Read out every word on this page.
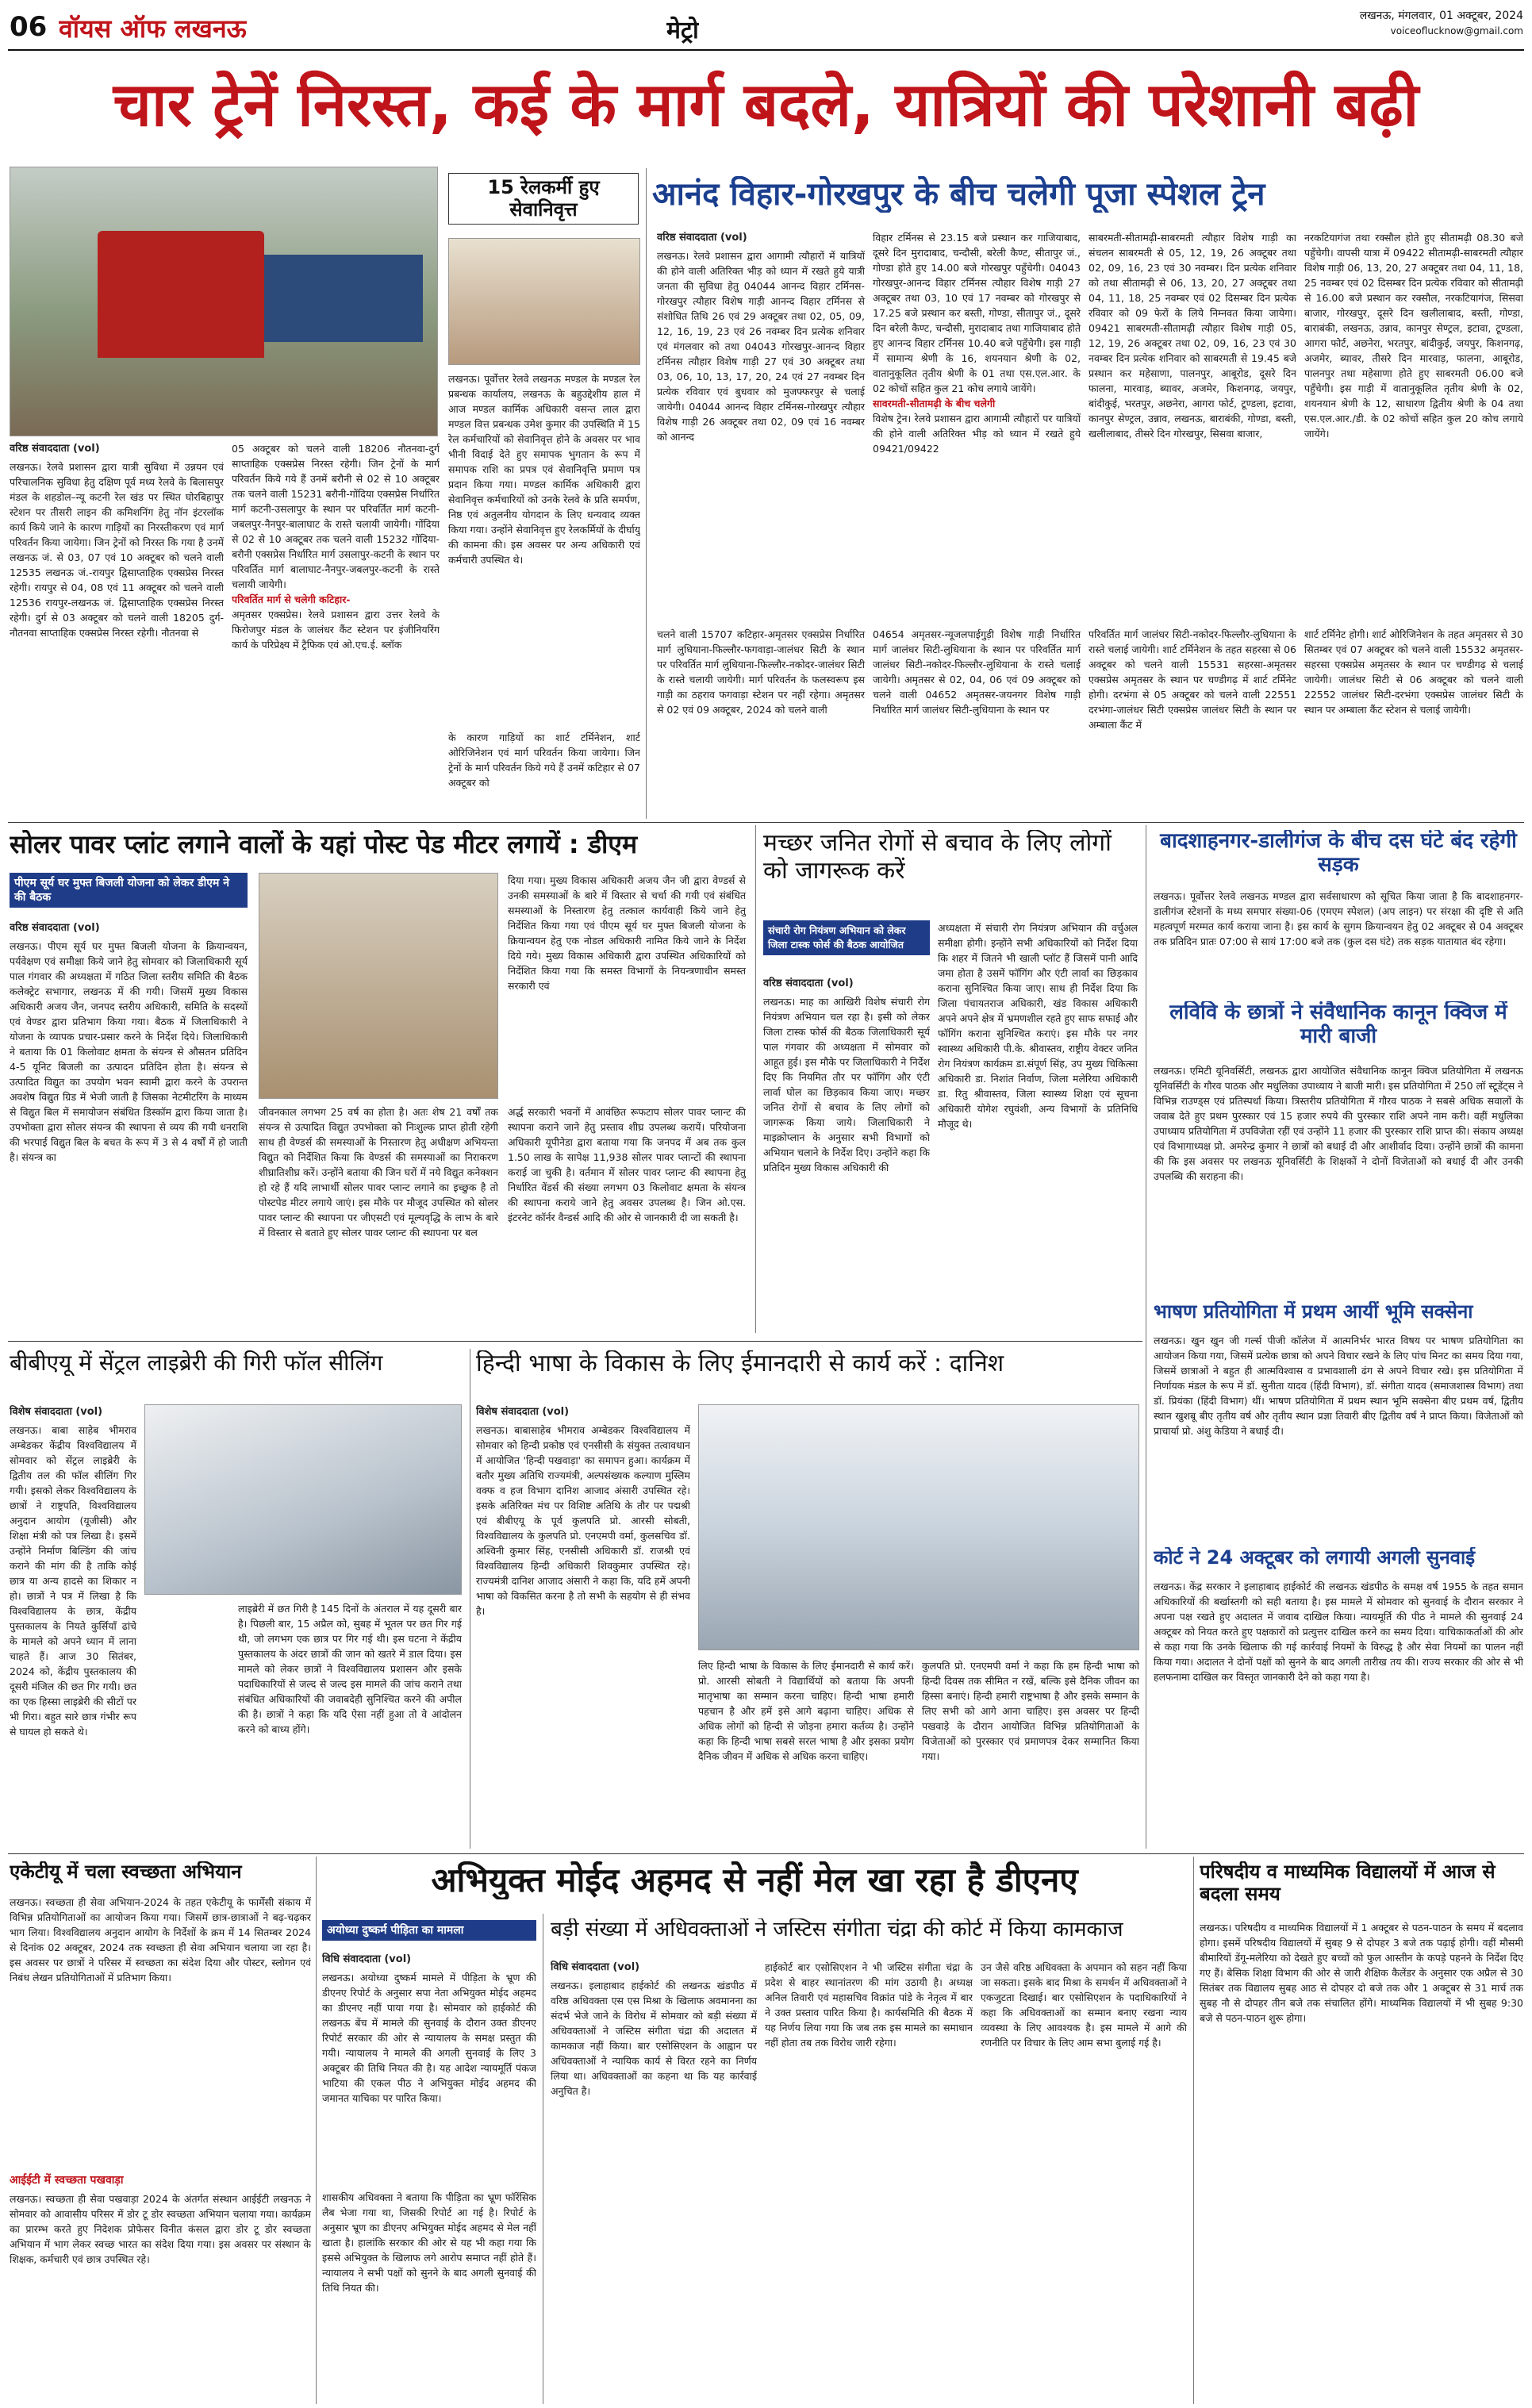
06 वॉयस ऑफ लखनऊ	मेट्रो
लखनऊ, मंगलवार, 01 अक्टूबर, 2024
voiceoflucknow@gmail.com
चार ट्रेनें निरस्त, कई के मार्ग बदले, यात्रियों की परेशानी बढ़ी
वरिष्ठ संवाददाता (vol)
लखनऊ। रेलवे प्रशासन द्वारा यात्री सुविधा में उन्नयन एवं परिचालनिक सुविधा हेतु दक्षिण पूर्व मध्य रेलवे के बिलासपुर मंडल के शहडोल–न्यू कटनी रेल खंड पर स्थित घोरबिहापुर स्टेशन पर तीसरी लाइन की कमिशनिंग हेतु नॉन इंटरलॉक कार्य किये जाने के कारण गाड़ियों का निरस्तीकरण एवं मार्ग परिवर्तन किया जायेगा। जिन ट्रेनों को निरस्त कि गया है उनमें लखनऊ जं. से 03, 07 एवं 10 अक्टूबर को चलने वाली 12535 लखनऊ जं.-रायपुर द्विसाप्ताहिक एक्सप्रेस निरस्त रहेगी। रायपुर से 04, 08 एवं 11 अक्टूबर को चलने वाली 12536 रायपुर-लखनऊ जं. द्विसाप्ताहिक एक्सप्रेस निरस्त रहेगी। दुर्ग से 03 अक्टूबर को चलने वाली 18205 दुर्ग-नौतनवा साप्ताहिक एक्सप्रेस निरस्त रहेगी। नौतनवा से
05 अक्टूबर को चलने वाली 18206 नौतनवा-दुर्ग साप्ताहिक एक्सप्रेस निरस्त रहेगी। जिन ट्रेनों के मार्ग परिवर्तन किये गये हैं उनमें बरौनी से 02 से 10 अक्टूबर तक चलने वाली 15231 बरौनी-गोंदिया एक्सप्रेस निर्धारित मार्ग कटनी-उसलापुर के स्थान पर परिवर्तित मार्ग कटनी-जबलपुर-नैनपुर-बालाघाट के रास्ते चलायी जायेगी। गोंदिया से 02 से 10 अक्टूबर तक चलने वाली 15232 गोंदिया-बरौनी एक्सप्रेस निर्धारित मार्ग उसलापुर-कटनी के स्थान पर परिवर्तित मार्ग बालाघाट-नैनपुर-जबलपुर-कटनी के रास्ते चलायी जायेगी।
परिवर्तित मार्ग से चलेगी कटिहार-
अमृतसर एक्सप्रेस। रेलवे प्रशासन द्वारा उत्तर रेलवे के फिरोजपुर मंडल के जालंधर कैंट स्टेशन पर इंजीनियरिंग कार्य के परिप्रेक्ष्य में ट्रैफिक एवं ओ.एच.ई. ब्लॉक
15 रेलकर्मी हुए सेवानिवृत्त
लखनऊ। पूर्वोत्तर रेलवे लखनऊ मण्डल के मण्डल रेल प्रबन्धक कार्यालय, लखनऊ के बहुउद्देशीय हाल में आज मण्डल कार्मिक अधिकारी वसन्त लाल द्वारा मण्डल वित्त प्रबन्धक उमेश कुमार की उपस्थिति में 15 रेल कर्मचारियों को सेवानिवृत्त होने के अवसर पर भाव भीनी विदाई देते हुए समापक भुगतान के रूप में समापक राशि का प्रपत्र एवं सेवानिवृत्ति प्रमाण पत्र प्रदान किया गया। मण्डल कार्मिक अधिकारी द्वारा सेवानिवृत्त कर्मचारियों को उनके रेलवे के प्रति समर्पण, निष्ठ एवं अतुलनीय योगदान के लिए धन्यवाद व्यक्त किया गया। उन्होंने सेवानिवृत्त हुए रेलकर्मियों के दीर्घायु की कामना की। इस अवसर पर अन्य अधिकारी एवं कर्मचारी उपस्थित थे।
के कारण गाड़ियों का शार्ट टर्मिनेशन, शार्ट ओरिजिनेशन एवं मार्ग परिवर्तन किया जायेगा। जिन ट्रेनों के मार्ग परिवर्तन किये गये हैं उनमें कटिहार से 07 अक्टूबर को
आनंद विहार-गोरखपुर के बीच चलेगी पूजा स्पेशल ट्रेन
वरिष्ठ संवाददाता (vol)
लखनऊ। रेलवे प्रशासन द्वारा आगामी त्यौहारों में यात्रियों की होने वाली अतिरिक्त भीड़ को ध्यान में रखते हुये यात्री जनता की सुविधा हेतु 04044 आनन्द विहार टर्मिनस-गोरखपुर त्यौहार विशेष गाड़ी आनन्द विहार टर्मिनस से संशोधित तिथि 26 एवं 29 अक्टूबर तथा 02, 05, 09, 12, 16, 19, 23 एवं 26 नवम्बर दिन प्रत्येक शनिवार एवं मंगलवार को तथा 04043 गोरखपुर-आनन्द विहार टर्मिनस त्यौहार विशेष गाड़ी 27 एवं 30 अक्टूबर तथा 03, 06, 10, 13, 17, 20, 24 एवं 27 नवम्बर दिन प्रत्येक रविवार एवं बुधवार को मुजफ्फरपुर से चलाई जायेगी। 04044 आनन्द विहार टर्मिनस-गोरखपुर त्यौहार विशेष गाड़ी 26 अक्टूबर तथा 02, 09 एवं 16 नवम्बर को आनन्द
विहार टर्मिनस से 23.15 बजे प्रस्थान कर गाजियाबाद, दूसरे दिन मुरादाबाद, चन्दौसी, बरेली कैण्ट, सीतापुर जं., गोण्डा होते हुए 14.00 बजे गोरखपुर पहुँचेगी। 04043 गोरखपुर-आनन्द विहार टर्मिनस त्यौहार विशेष गाड़ी 27 अक्टूबर तथा 03, 10 एवं 17 नवम्बर को गोरखपुर से 17.25 बजे प्रस्थान कर बस्ती, गोण्डा, सीतापुर जं., दूसरे दिन बरेली कैण्ट, चन्दौसी, मुरादाबाद तथा गाजियाबाद होते हुए आनन्द विहार टर्मिनस 10.40 बजे पहुँचेगी। इस गाड़ी में सामान्य श्रेणी के 16, शयनयान श्रेणी के 02, वातानुकूलित तृतीय श्रेणी के 01 तथा एस.एल.आर. के 02 कोचों सहित कुल 21 कोच लगाये जायेंगे।
सावरमती-सीतामढ़ी के बीच चलेगी
विशेष ट्रेन। रेलवे प्रशासन द्वारा आगामी त्यौहारों पर यात्रियों की होने वाली अतिरिक्त भीड़ को ध्यान में रखते हुये 09421/09422
साबरमती-सीतामढ़ी-साबरमती त्यौहार विशेष गाड़ी का संचलन साबरमती से 05, 12, 19, 26 अक्टूबर तथा 02, 09, 16, 23 एवं 30 नवम्बर। दिन प्रत्येक शनिवार को तथा सीतामढ़ी से 06, 13, 20, 27 अक्टूबर तथा 04, 11, 18, 25 नवम्बर एवं 02 दिसम्बर दिन प्रत्येक रविवार को 09 फेरों के लिये निम्नवत किया जायेगा। 09421 साबरमती-सीतामढ़ी त्यौहार विशेष गाड़ी 05, 12, 19, 26 अक्टूबर तथा 02, 09, 16, 23 एवं 30 नवम्बर दिन प्रत्येक शनिवार को साबरमती से 19.45 बजे प्रस्थान कर महेसाणा, पालनपुर, आबूरोड, दूसरे दिन फालना, मारवाड़, ब्यावर, अजमेर, किशनगढ़, जयपुर, बांदीकुई, भरतपुर, अछनेरा, आगरा फोर्ट, टूण्डला, इटावा, कानपुर सेण्ट्रल, उन्नाव, लखनऊ, बाराबंकी, गोण्डा, बस्ती, खलीलाबाद, तीसरे दिन गोरखपुर, सिसवा बाजार,
नरकटियागंज तथा रक्सौल होते हुए सीतामढ़ी 08.30 बजे पहुँचेगी। वापसी यात्रा में 09422 सीतामढ़ी-साबरमती त्यौहार विशेष गाड़ी 06, 13, 20, 27 अक्टूबर तथा 04, 11, 18, 25 नवम्बर एवं 02 दिसम्बर दिन प्रत्येक रविवार को सीतामढ़ी से 16.00 बजे प्रस्थान कर रक्सौल, नरकटियागंज, सिसवा बाजार, गोरखपुर, दूसरे दिन खलीलाबाद, बस्ती, गोण्डा, बाराबंकी, लखनऊ, उन्नाव, कानपुर सेण्ट्रल, इटावा, टूण्डला, आगरा फोर्ट, अछनेरा, भरतपुर, बांदीकुई, जयपुर, किशनगढ़, अजमेर, ब्यावर, तीसरे दिन मारवाड़, फालना, आबूरोड, पालनपुर तथा महेसाणा होते हुए साबरमती 06.00 बजे पहुँचेगी। इस गाड़ी में वातानुकूलित तृतीय श्रेणी के 02, शयनयान श्रेणी के 12, साधारण द्वितीय श्रेणी के 04 तथा एस.एल.आर./डी. के 02 कोचों सहित कुल 20 कोच लगाये जायेंगे।
चलने वाली 15707 कटिहार-अमृतसर एक्सप्रेस निर्धारित मार्ग लुधियाना-फिल्लौर-फगवाड़ा-जालंधर सिटी के स्थान पर परिवर्तित मार्ग लुधियाना-फिल्लौर-नकोदर-जालंधर सिटी के रास्ते चलायी जायेगी। मार्ग परिवर्तन के फलस्वरूप इस गाड़ी का ठहराव फगवाड़ा स्टेशन पर नहीं रहेगा। अमृतसर से 02 एवं 09 अक्टूबर, 2024 को चलने वाली
04654 अमृतसर-न्यूजलपाईगुड़ी विशेष गाड़ी निर्धारित मार्ग जालंधर सिटी-लुधियाना के स्थान पर परिवर्तित मार्ग जालंधर सिटी-नकोदर-फिल्लौर-लुधियाना के रास्ते चलाई जायेगी। अमृतसर से 02, 04, 06 एवं 09 अक्टूबर को चलने वाली 04652 अमृतसर-जयनगर विशेष गाड़ी निर्धारित मार्ग जालंधर सिटी-लुधियाना के स्थान पर
परिवर्तित मार्ग जालंधर सिटी-नकोदर-फिल्लौर-लुधियाना के रास्ते चलाई जायेगी। शार्ट टर्मिनेशन के तहत सहरसा से 06 अक्टूबर को चलने वाली 15531 सहरसा-अमृतसर एक्सप्रेस अमृतसर के स्थान पर चण्डीगढ़ में शार्ट टर्मिनेट होगी। दरभंगा से 05 अक्टूबर को चलने वाली 22551 दरभंगा-जालंधर सिटी एक्सप्रेस जालंधर सिटी के स्थान पर अम्बाला कैंट में
शार्ट टर्मिनेट होगी। शार्ट ओरिजिनेशन के तहत अमृतसर से 30 सितम्बर एवं 07 अक्टूबर को चलने वाली 15532 अमृतसर-सहरसा एक्सप्रेस अमृतसर के स्थान पर चण्डीगढ़ से चलाई जायेगी। जालंधर सिटी से 06 अक्टूबर को चलने वाली 22552 जालंधर सिटी-दरभंगा एक्सप्रेस जालंधर सिटी के स्थान पर अम्बाला कैंट स्टेशन से चलाई जायेगी।
सोलर पावर प्लांट लगाने वालों के यहां पोस्ट पेड मीटर लगायें : डीएम
पीएम सूर्य घर मुफ्त बिजली योजना को लेकर डीएम ने की बैठक
वरिष्ठ संवाददाता (vol)
लखनऊ। पीएम सूर्य घर मुफ्त बिजली योजना के क्रियान्वयन, पर्यवेक्षण एवं समीक्षा किये जाने हेतु सोमवार को जिलाधिकारी सूर्य पाल गंगवार की अध्यक्षता में गठित जिला स्तरीय समिति की बैठक कलेक्ट्रेट सभागार, लखनऊ में की गयी। जिसमें मुख्य विकास अधिकारी अजय जैन, जनपद स्तरीय अधिकारी, समिति के सदस्यों एवं वेण्डर द्वारा प्रतिभाग किया गया। बैठक में जिलाधिकारी ने योजना के व्यापक प्रचार-प्रसार करने के निर्देश दिये। जिलाधिकारी ने बताया कि 01 किलोवाट क्षमता के संयन्त्र से औसतन प्रतिदिन 4-5 यूनिट बिजली का उत्पादन प्रतिदिन होता है। संयन्त्र से उत्पादित विद्युत का उपयोग भवन स्वामी द्वारा करने के उपरान्त अवशेष विद्युत ग्रिड में भेजी जाती है जिसका नेटमीटरिंग के माध्यम से विद्युत बिल में समायोजन संबंधित डिस्कॉम द्वारा किया जाता है। उपभोक्ता द्वारा सोलर संयन्त्र की स्थापना से व्यय की गयी धनराशि की भरपाई विद्युत बिल के बचत के रूप में 3 से 4 वर्षों में हो जाती है। संयन्त्र का
जीवनकाल लगभग 25 वर्ष का होता है। अतः शेष 21 वर्षों तक संयन्त्र से उत्पादित विद्युत उपभोक्ता को निःशुल्क प्राप्त होती रहेगी साथ ही वेण्डर्स की समस्याओं के निस्तारण हेतु अधीक्षण अभियन्ता विद्युत को निर्देशित किया कि वेण्डर्स की समस्याओं का निराकरण शीघ्रातिशीघ्र करें। उन्होंने बताया की जिन घरों में नये विद्युत कनेक्शन हो रहे हैं यदि लाभार्थी सोलर पावर प्लान्ट लगाने का इच्छुक है तो पोस्टपेड मीटर लगाये जाएं। इस मौके पर मौजूद उपस्थित को सोलर पावर प्लान्ट की स्थापना पर जीएसटी एवं मूल्यवृद्धि के लाभ के बारे में विस्तार से बताते हुए सोलर पावर प्लान्ट की स्थापना पर बल
दिया गया। मुख्य विकास अधिकारी अजय जैन जी द्वारा वेण्डर्स से उनकी समस्याओं के बारे में विस्तार से चर्चा की गयी एवं संबंधित समस्याओं के निस्तारण हेतु तत्काल कार्यवाही किये जाने हेतु निर्देशित किया गया एवं पीएम सूर्य घर मुफ्त बिजली योजना के क्रियान्वयन हेतु एक नोडल अधिकारी नामित किये जाने के निर्देश दिये गये। मुख्य विकास अधिकारी द्वारा उपस्थित अधिकारियों को निर्देशित किया गया कि समस्त विभागों के नियन्त्रणाधीन समस्त सरकारी एवं
अर्द्ध सरकारी भवनों में आवंछित रूफटाप सोलर पावर प्लान्ट की स्थापना कराने जाने हेतु प्रस्ताव शीघ्र उपलब्ध करायें। परियोजना अधिकारी यूपीनेडा द्वारा बताया गया कि जनपद में अब तक कुल 1.50 लाख के सापेक्ष 11,938 सोलर पावर प्लान्टों की स्थापना कराई जा चुकी है। वर्तमान में सोलर पावर प्लान्ट की स्थापना हेतु निर्धारित वेंडर्स की संख्या लगभग 03 किलोवाट क्षमता के संयन्त्र की स्थापना कराये जाने हेतु अवसर उपलब्ध है। जिन ओ.एस. इंटरनेट कॉर्नर वैन्डर्स आदि की ओर से जानकारी दी जा सकती है।
मच्छर जनित रोगों से बचाव के लिए लोगों को जागरूक करें
संचारी रोग नियंत्रण अभियान को लेकर जिला टास्क फोर्स की बैठक आयोजित
वरिष्ठ संवाददाता (vol)
लखनऊ। माह का आखिरी विशेष संचारी रोग नियंत्रण अभियान चल रहा है। इसी को लेकर जिला टास्क फोर्स की बैठक जिलाधिकारी सूर्य पाल गंगवार की अध्यक्षता में सोमवार को आहूत हुई। इस मौके पर जिलाधिकारी ने निर्देश दिए कि नियमित तौर पर फॉगिंग और एंटी लार्वा घोल का छिड़काव किया जाए। मच्छर जनित रोगों से बचाव के लिए लोगों को जागरूक किया जाये। जिलाधिकारी ने माइक्रोप्लान के अनुसार सभी विभागों को अभियान चलाने के निर्देश दिए। उन्होंने कहा कि प्रतिदिन मुख्य विकास अधिकारी की
अध्यक्षता में संचारी रोग नियंत्रण अभियान की वर्चुअल समीक्षा होगी। इन्होंने सभी अधिकारियों को निर्देश दिया कि शहर में जितने भी खाली प्लॉट हैं जिसमें पानी आदि जमा होता है उसमें फॉगिंग और एंटी लार्वा का छिड़काव कराना सुनिश्चित किया जाए। साथ ही निर्देश दिया कि जिला पंचायतराज अधिकारी, खंड विकास अधिकारी अपने अपने क्षेत्र में भ्रमणशील रहते हुए साफ सफाई और फॉगिंग कराना सुनिश्चित कराएं। इस मौके पर नगर स्वास्थ्य अधिकारी पी.के. श्रीवास्तव, राष्ट्रीय वेक्टर जनित रोग नियंत्रण कार्यक्रम डा.संपूर्ण सिंह, उप मुख्य चिकित्सा अधिकारी डा. निशांत निर्वाण, जिला मलेरिया अधिकारी डा. रितु श्रीवास्तव, जिला स्वास्थ्य शिक्षा एवं सूचना अधिकारी योगेश रघुवंशी, अन्य विभागों के प्रतिनिधि मौजूद थे।
बादशाहनगर-डालीगंज के बीच दस घंटे बंद रहेगी सड़क
लखनऊ। पूर्वोत्तर रेलवे लखनऊ मण्डल द्वारा सर्वसाधारण को सूचित किया जाता है कि बादशाहनगर-डालीगंज स्टेशनों के मध्य समपार संख्या-06 (एमएम स्पेशल) (अप लाइन) पर संरक्षा की दृष्टि से अति महत्वपूर्ण मरम्मत कार्य कराया जाना है। इस कार्य के सुगम क्रियान्वयन हेतु 02 अक्टूबर से 04 अक्टूबर तक प्रतिदिन प्रातः 07:00 से सायं 17:00 बजे तक (कुल दस घंटे) तक सड़क यातायात बंद रहेगा।
लविवि के छात्रों ने संवैधानिक कानून क्विज में मारी बाजी
लखनऊ। एमिटी यूनिवर्सिटी, लखनऊ द्वारा आयोजित संवैधानिक कानून क्विज प्रतियोगिता में लखनऊ यूनिवर्सिटी के गौरव पाठक और मधुलिका उपाध्याय ने बाजी मारी। इस प्रतियोगिता में 250 लॉ स्टूडेंट्स ने विभिन्न राउण्ड्स एवं प्रतिस्पर्धा किया। त्रिस्तरीय प्रतियोगिता में गौरव पाठक ने सबसे अधिक सवालों के जवाब देते हुए प्रथम पुरस्कार एवं 15 हजार रुपये की पुरस्कार राशि अपने नाम करी। वहीं मधुलिका उपाध्याय प्रतियोगिता में उपविजेता रहीं एवं उन्होंने 11 हजार की पुरस्कार राशि प्राप्त की। संकाय अध्यक्ष एवं विभागाध्यक्ष प्रो. अमरेन्द्र कुमार ने छात्रों को बधाई दी और आशीर्वाद दिया। उन्होंने छात्रों की कामना की कि इस अवसर पर लखनऊ यूनिवर्सिटी के शिक्षकों ने दोनों विजेताओं को बधाई दी और उनकी उपलब्धि की सराहना की।
भाषण प्रतियोगिता में प्रथम आयीं भूमि सक्सेना
लखनऊ। खुन खुन जी गर्ल्स पीजी कॉलेज में आत्मनिर्भर भारत विषय पर भाषण प्रतियोगिता का आयोजन किया गया, जिसमें प्रत्येक छात्रा को अपने विचार रखने के लिए पांच मिनट का समय दिया गया, जिसमें छात्राओं ने बहुत ही आत्मविश्वास व प्रभावशाली ढंग से अपने विचार रखे। इस प्रतियोगिता में निर्णायक मंडल के रूप में डॉ. सुनीता यादव (हिंदी विभाग), डॉ. संगीता यादव (समाजशास्त्र विभाग) तथा डॉ. प्रियंका (हिंदी विभाग) थीं। भाषण प्रतियोगिता में प्रथम स्थान भूमि सक्सेना बीए प्रथम वर्ष, द्वितीय स्थान खुशबू बीए तृतीय वर्ष और तृतीय स्थान प्रज्ञा तिवारी बीए द्वितीय वर्ष ने प्राप्त किया। विजेताओं को प्राचार्या प्रो. अंशु केडिया ने बधाई दी।
कोर्ट ने 24 अक्टूबर को लगायी अगली सुनवाई
लखनऊ। केंद्र सरकार ने इलाहाबाद हाईकोर्ट की लखनऊ खंडपीठ के समक्ष वर्ष 1955 के तहत समान अधिकारियों की बर्खास्तगी को सही बताया है। इस मामले में सोमवार को सुनवाई के दौरान सरकार ने अपना पक्ष रखते हुए अदालत में जवाब दाखिल किया। न्यायमूर्ति की पीठ ने मामले की सुनवाई 24 अक्टूबर को नियत करते हुए पक्षकारों को प्रत्युत्तर दाखिल करने का समय दिया। याचिकाकर्ताओं की ओर से कहा गया कि उनके खिलाफ की गई कार्रवाई नियमों के विरुद्ध है और सेवा नियमों का पालन नहीं किया गया। अदालत ने दोनों पक्षों को सुनने के बाद अगली तारीख तय की। राज्य सरकार की ओर से भी हलफनामा दाखिल कर विस्तृत जानकारी देने को कहा गया है।
बीबीएयू में सेंट्रल लाइब्रेरी की गिरी फॉल सीलिंग
विशेष संवाददाता (vol)
लखनऊ। बाबा साहेब भीमराव अम्बेडकर केंद्रीय विश्वविद्यालय में सोमवार को सेंट्रल लाइब्रेरी के द्वितीय तल की फॉल सीलिंग गिर गयी। इसको लेकर विश्वविद्यालय के छात्रों ने राष्ट्रपति, विश्वविद्यालय अनुदान आयोग (यूजीसी) और शिक्षा मंत्री को पत्र लिखा है। इसमें उन्होंने निर्माण बिल्डिंग की जांच कराने की मांग की है ताकि कोई छात्र या अन्य हादसे का शिकार न हो। छात्रों ने पत्र में लिखा है कि विश्वविद्यालय के छात्र, केंद्रीय पुस्तकालय के नियते कुर्सियाँ ढांचे के मामले को अपने ध्यान में लाना चाहते हैं। आज 30 सितंबर, 2024 को, केंद्रीय पुस्तकालय की दूसरी मंजिल की छत गिर गयी। छत का एक हिस्सा लाइब्रेरी की सीटों पर भी गिरा। बहुत सारे छात्र गंभीर रूप से घायल हो सकते थे।
लाइब्रेरी में छत गिरी है 145 दिनों के अंतराल में यह दूसरी बार है। पिछली बार, 15 अप्रैल को, सुबह में भूतल पर छत गिर गई थी, जो लगभग एक छात्र पर गिर गई थी। इस घटना ने केंद्रीय पुस्तकालय के अंदर छात्रों की जान को खतरे में डाल दिया। इस मामले को लेकर छात्रों ने विश्वविद्यालय प्रशासन और इसके पदाधिकारियों से जल्द से जल्द इस मामले की जांच कराने तथा संबंधित अधिकारियों की जवाबदेही सुनिश्चित करने की अपील की है। छात्रों ने कहा कि यदि ऐसा नहीं हुआ तो वे आंदोलन करने को बाध्य होंगे।
हिन्दी भाषा के विकास के लिए ईमानदारी से कार्य करें : दानिश
विशेष संवाददाता (vol)
लखनऊ। बाबासाहेब भीमराव अम्बेडकर विश्वविद्यालय में सोमवार को हिन्दी प्रकोष्ठ एवं एनसीसी के संयुक्त तत्वावधान में आयोजित 'हिन्दी पखवाड़ा' का समापन हुआ। कार्यक्रम में बतौर मुख्य अतिथि राज्यमंत्री, अल्पसंख्यक कल्याण मुस्लिम वक्फ व हज विभाग दानिश आजाद अंसारी उपस्थित रहे। इसके अतिरिक्त मंच पर विशिष्ट अतिथि के तौर पर पद्मश्री एवं बीबीएयू के पूर्व कुलपति प्रो. आरसी सोबती, विश्वविद्यालय के कुलपति प्रो. एनएमपी वर्मा, कुलसचिव डॉ. अश्विनी कुमार सिंह, एनसीसी अधिकारी डॉ. राजश्री एवं विश्वविद्यालय हिन्दी अधिकारी शिवकुमार उपस्थित रहे। राज्यमंत्री दानिश आजाद अंसारी ने कहा कि, यदि हमें अपनी भाषा को विकसित करना है तो सभी के सहयोग से ही संभव है।
लिए हिन्दी भाषा के विकास के लिए ईमानदारी से कार्य करें। प्रो. आरसी सोबती ने विद्यार्थियों को बताया कि अपनी मातृभाषा का सम्मान करना चाहिए। हिन्दी भाषा हमारी पहचान है और हमें इसे आगे बढ़ाना चाहिए। अधिक से अधिक लोगों को हिन्दी से जोड़ना हमारा कर्तव्य है। उन्होंने कहा कि हिन्दी भाषा सबसे सरल भाषा है और इसका प्रयोग दैनिक जीवन में अधिक से अधिक करना चाहिए।
कुलपति प्रो. एनएमपी वर्मा ने कहा कि हम हिन्दी भाषा को हिन्दी दिवस तक सीमित न रखें, बल्कि इसे दैनिक जीवन का हिस्सा बनाएं। हिन्दी हमारी राष्ट्रभाषा है और इसके सम्मान के लिए सभी को आगे आना चाहिए। इस अवसर पर हिन्दी पखवाड़े के दौरान आयोजित विभिन्न प्रतियोगिताओं के विजेताओं को पुरस्कार एवं प्रमाणपत्र देकर सम्मानित किया गया।
एकेटीयू में चला स्वच्छता अभियान
लखनऊ। स्वच्छता ही सेवा अभियान-2024 के तहत एकेटीयू के फार्मेसी संकाय में विभिन्न प्रतियोगिताओं का आयोजन किया गया। जिसमें छात्र-छात्राओं ने बढ़-चढ़कर भाग लिया। विश्वविद्यालय अनुदान आयोग के निर्देशों के क्रम में 14 सितम्बर 2024 से दिनांक 02 अक्टूबर, 2024 तक स्वच्छता ही सेवा अभियान चलाया जा रहा है। इस अवसर पर छात्रों ने परिसर में स्वच्छता का संदेश दिया और पोस्टर, स्लोगन एवं निबंध लेखन प्रतियोगिताओं में प्रतिभाग किया।
आईईटी में स्वच्छता पखवाड़ा
लखनऊ। स्वच्छता ही सेवा पखवाड़ा 2024 के अंतर्गत संस्थान आईईटी लखनऊ ने सोमवार को आवासीय परिसर में डोर टू डोर स्वच्छता अभियान चलाया गया। कार्यक्रम का प्रारम्भ करते हुए निदेशक प्रोफेसर विनीत कंसल द्वारा डोर टू डोर स्वच्छता अभियान में भाग लेकर स्वच्छ भारत का संदेश दिया गया। इस अवसर पर संस्थान के शिक्षक, कर्मचारी एवं छात्र उपस्थित रहे।
अभियुक्त मोईद अहमद से नहीं मेल खा रहा है डीएनए
अयोध्या दुष्कर्म पीड़िता का मामला
विधि संवाददाता (vol)
लखनऊ। अयोध्या दुष्कर्म मामले में पीड़िता के भ्रूण की डीएनए रिपोर्ट के अनुसार सपा नेता अभियुक्त मोईद अहमद का डीएनए नहीं पाया गया है। सोमवार को हाईकोर्ट की लखनऊ बेंच में मामले की सुनवाई के दौरान उक्त डीएनए रिपोर्ट सरकार की ओर से न्यायालय के समक्ष प्रस्तुत की गयी। न्यायालय ने मामले की अगली सुनवाई के लिए 3 अक्टूबर की तिथि नियत की है। यह आदेश न्यायमूर्ति पंकज भाटिया की एकल पीठ ने अभियुक्त मोईद अहमद की जमानत याचिका पर पारित किया।
शासकीय अधिवक्ता ने बताया कि पीड़िता का भ्रूण फॉरेंसिक लैब भेजा गया था, जिसकी रिपोर्ट आ गई है। रिपोर्ट के अनुसार भ्रूण का डीएनए अभियुक्त मोईद अहमद से मेल नहीं खाता है। हालांकि सरकार की ओर से यह भी कहा गया कि इससे अभियुक्त के खिलाफ लगे आरोप समाप्त नहीं होते हैं। न्यायालय ने सभी पक्षों को सुनने के बाद अगली सुनवाई की तिथि नियत की।
बड़ी संख्या में अधिवक्ताओं ने जस्टिस संगीता चंद्रा की कोर्ट में किया कामकाज
विधि संवाददाता (vol)
लखनऊ। इलाहाबाद हाईकोर्ट की लखनऊ खंडपीठ में वरिष्ठ अधिवक्ता एस एस मिश्रा के खिलाफ अवमानना का संदर्भ भेजे जाने के विरोध में सोमवार को बड़ी संख्या में अधिवक्ताओं ने जस्टिस संगीता चंद्रा की अदालत में कामकाज नहीं किया। बार एसोसिएशन के आह्वान पर अधिवक्ताओं ने न्यायिक कार्य से विरत रहने का निर्णय लिया था। अधिवक्ताओं का कहना था कि यह कार्रवाई अनुचित है।
हाईकोर्ट बार एसोसिएशन ने भी जस्टिस संगीता चंद्रा के प्रदेश से बाहर स्थानांतरण की मांग उठायी है। अध्यक्ष अनिल तिवारी एवं महासचिव विक्रांत पांडे के नेतृत्व में बार ने उक्त प्रस्ताव पारित किया है। कार्यसमिति की बैठक में यह निर्णय लिया गया कि जब तक इस मामले का समाधान नहीं होता तब तक विरोध जारी रहेगा।
उन जैसे वरिष्ठ अधिवक्ता के अपमान को सहन नहीं किया जा सकता। इसके बाद मिश्रा के समर्थन में अधिवक्ताओं ने एकजुटता दिखाई। बार एसोसिएशन के पदाधिकारियों ने कहा कि अधिवक्ताओं का सम्मान बनाए रखना न्याय व्यवस्था के लिए आवश्यक है। इस मामले में आगे की रणनीति पर विचार के लिए आम सभा बुलाई गई है।
परिषदीय व माध्यमिक विद्यालयों में आज से बदला समय
लखनऊ। परिषदीय व माध्यमिक विद्यालयों में 1 अक्टूबर से पठन-पाठन के समय में बदलाव होगा। इसमें परिषदीय विद्यालयों में सुबह 9 से दोपहर 3 बजे तक पढ़ाई होगी। वहीं मौसमी बीमारियों डेंगू-मलेरिया को देखते हुए बच्चों को फुल आस्तीन के कपड़े पहनने के निर्देश दिए गए हैं। बेसिक शिक्षा विभाग की ओर से जारी शैक्षिक कैलेंडर के अनुसार एक अप्रैल से 30 सितंबर तक विद्यालय सुबह आठ से दोपहर दो बजे तक और 1 अक्टूबर से 31 मार्च तक सुबह नौ से दोपहर तीन बजे तक संचालित होंगे। माध्यमिक विद्यालयों में भी सुबह 9:30 बजे से पठन-पाठन शुरू होगा।
